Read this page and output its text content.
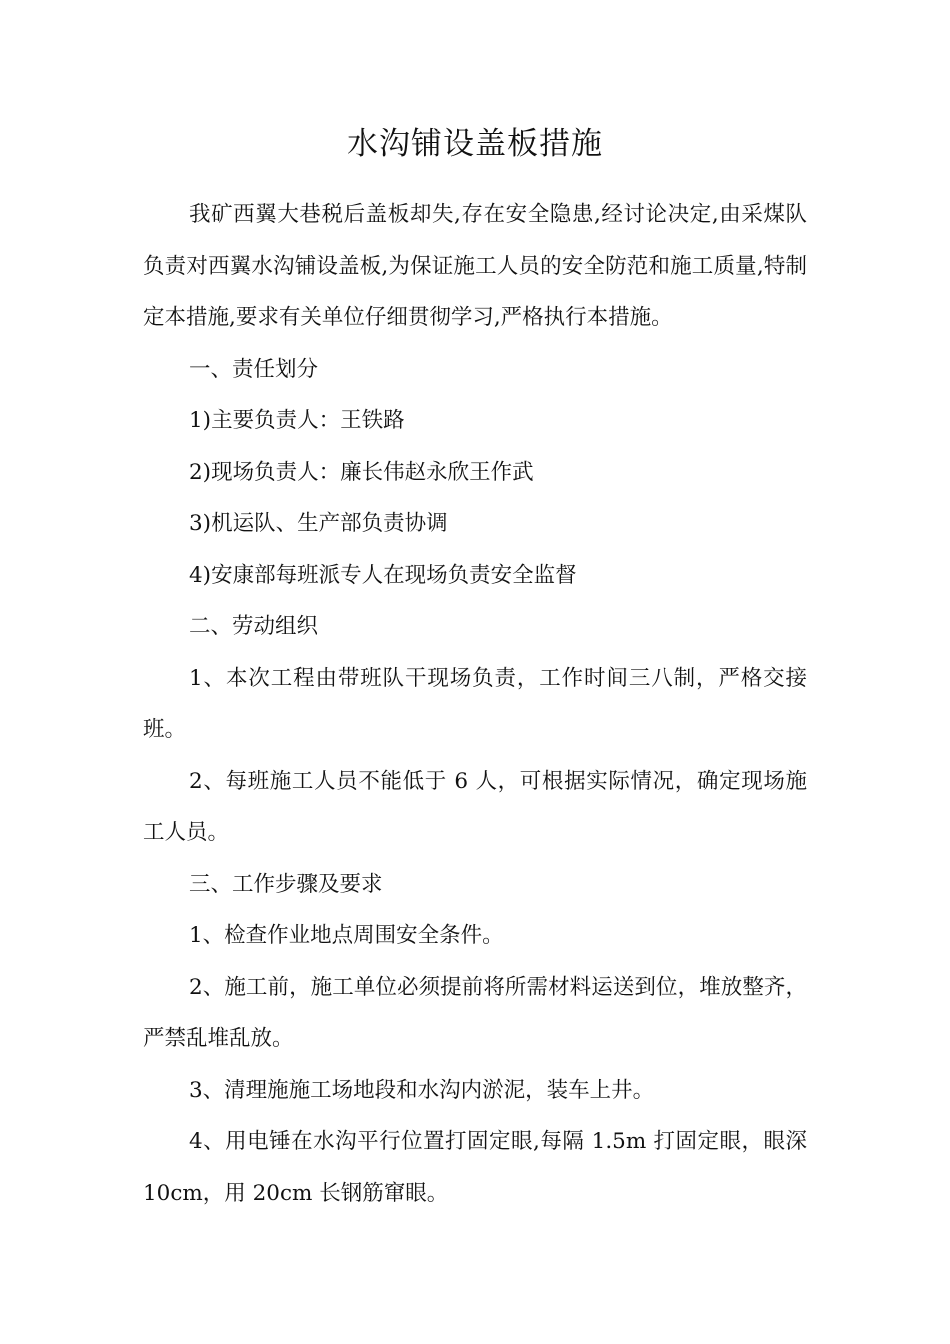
水沟铺设盖板措施

我矿西翼大巷税后盖板却失,存在安全隐患,经讨论决定,由采煤队负责对西翼水沟铺设盖板,为保证施工人员的安全防范和施工质量,特制定本措施,要求有关单位仔细贯彻学习,严格执行本措施。

一、责任划分

1)主要负责人：王铁路

2)现场负责人：廉长伟赵永欣王作武

3)机运队、生产部负责协调

4)安康部每班派专人在现场负责安全监督

二、劳动组织

1、本次工程由带班队干现场负责，工作时间三八制，严格交接班。

2、每班施工人员不能低于 6 人，可根据实际情况，确定现场施工人员。

三、工作步骤及要求

1、检查作业地点周围安全条件。

2、施工前，施工单位必须提前将所需材料运送到位，堆放整齐，严禁乱堆乱放。

3、清理施施工场地段和水沟内淤泥，装车上井。

4、用电锤在水沟平行位置打固定眼,每隔 1.5m 打固定眼，眼深 10cm，用 20cm 长钢筋窜眼。
